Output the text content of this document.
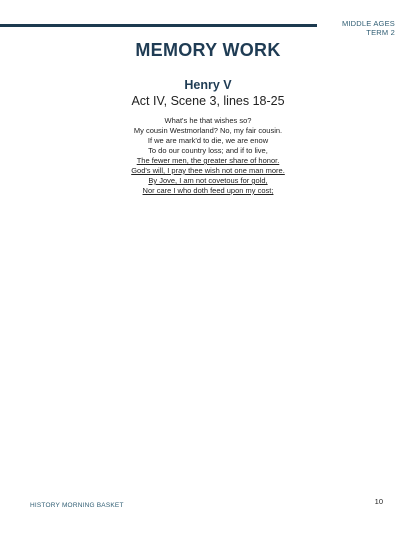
MIDDLE AGES
TERM 2
MEMORY WORK
Henry V
Act IV, Scene 3, lines 18-25
What's he that wishes so?
My cousin Westmorland? No, my fair cousin.
If we are mark'd to die, we are enow
To do our country loss; and if to live,
The fewer men, the greater share of honor.
God's will, I pray thee wish not one man more.
By Jove, I am not covetous for gold,
Nor care I who doth feed upon my cost;
HISTORY MORNING BASKET	10
